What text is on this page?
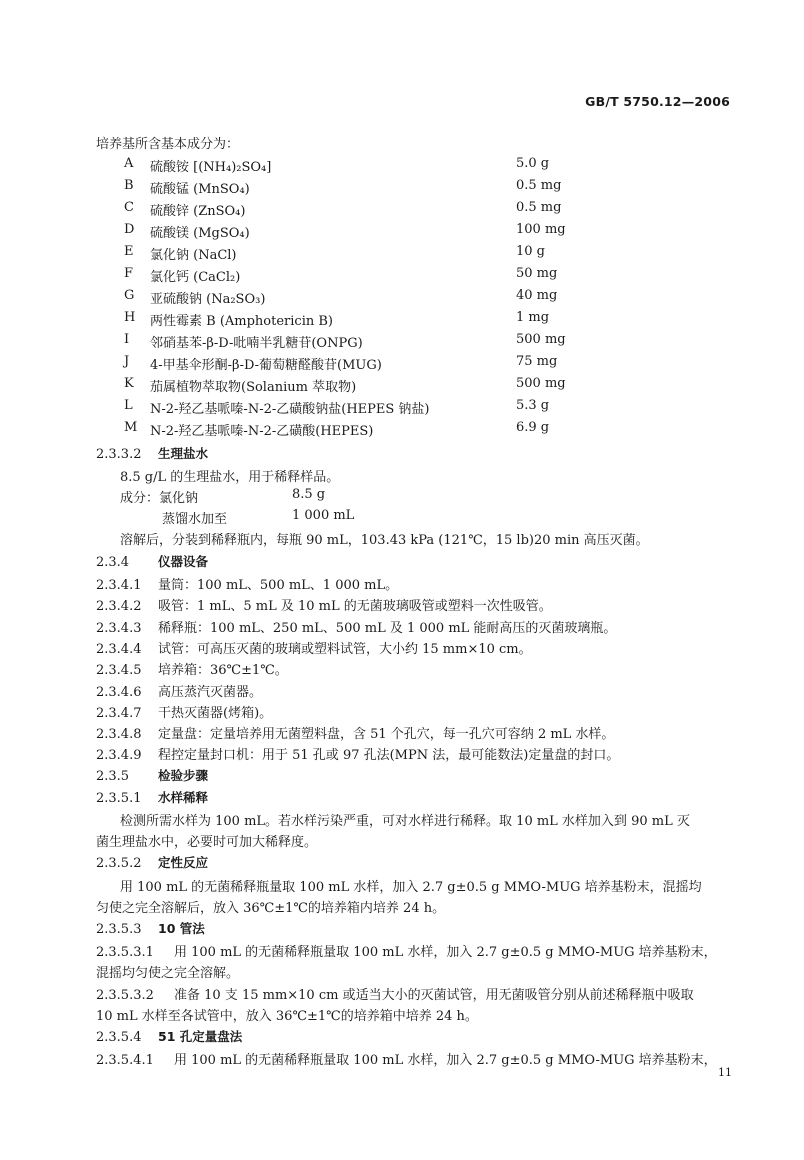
GB/T 5750.12—2006
培养基所含基本成分为：
A	硫酸铵 [(NH₄)₂SO₄]	5.0 g
B	硫酸锰 (MnSO₄)	0.5 mg
C	硫酸锌 (ZnSO₄)	0.5 mg
D	硫酸镁 (MgSO₄)	100 mg
E	氯化钠 (NaCl)	10 g
F	氯化钙 (CaCl₂)	50 mg
G	亚硫酸钠 (Na₂SO₃)	40 mg
H	两性霉素 B (Amphotericin B)	1 mg
I	邻硝基苯-β-D-吡喃半乳糖苷(ONPG)	500 mg
J	4-甲基伞形酮-β-D-葡萄糖醛酸苷(MUG)	75 mg
K	茄属植物萃取物(Solanium 萃取物)	500 mg
L	N-2-羟乙基哌嗪-N-2-乙磺酸钠盐(HEPES 钠盐)	5.3 g
M N-2-羟乙基哌嗪-N-2-乙磺酸(HEPES)	6.9 g
2.3.3.2 生理盐水
8.5 g/L 的生理盐水，用于稀释样品。
成分：氯化钠	8.5 g
蒸馏水加至	1 000 mL
溶解后，分装到稀释瓶内，每瓶 90 mL，103.43 kPa (121℃，15 lb)20 min 高压灭菌。
2.3.4 仪器设备
2.3.4.1 量筒：100 mL、500 mL、1 000 mL。
2.3.4.2 吸管：1 mL、5 mL 及 10 mL 的无菌玻璃吸管或塑料一次性吸管。
2.3.4.3 稀释瓶：100 mL、250 mL、500 mL 及 1 000 mL 能耐高压的灭菌玻璃瓶。
2.3.4.4 试管：可高压灭菌的玻璃或塑料试管，大小约 15 mm×10 cm。
2.3.4.5 培养箱：36℃±1℃。
2.3.4.6 高压蒸汽灭菌器。
2.3.4.7 干热灭菌器(烤箱)。
2.3.4.8 定量盘：定量培养用无菌塑料盘，含 51 个孔穴，每一孔穴可容纳 2 mL 水样。
2.3.4.9 程控定量封口机：用于 51 孔或 97 孔法(MPN 法，最可能数法)定量盘的封口。
2.3.5 检验步骤
2.3.5.1 水样稀释
检测所需水样为 100 mL。若水样污染严重，可对水样进行稀释。取 10 mL 水样加入到 90 mL 灭
菌生理盐水中，必要时可加大稀释度。
2.3.5.2 定性反应
用 100 mL 的无菌稀释瓶量取 100 mL 水样，加入 2.7 g±0.5 g MMO-MUG 培养基粉末，混摇均
匀使之完全溶解后，放入 36℃±1℃的培养箱内培养 24 h。
2.3.5.3 10 管法
2.3.5.3.1 用 100 mL 的无菌稀释瓶量取 100 mL 水样，加入 2.7 g±0.5 g MMO-MUG 培养基粉末，
混摇均匀使之完全溶解。
2.3.5.3.2 准备 10 支 15 mm×10 cm 或适当大小的灭菌试管，用无菌吸管分别从前述稀释瓶中吸取
10 mL 水样至各试管中，放入 36℃±1℃的培养箱中培养 24 h。
2.3.5.4 51 孔定量盘法
2.3.5.4.1 用 100 mL 的无菌稀释瓶量取 100 mL 水样，加入 2.7 g±0.5 g MMO-MUG 培养基粉末，
11
